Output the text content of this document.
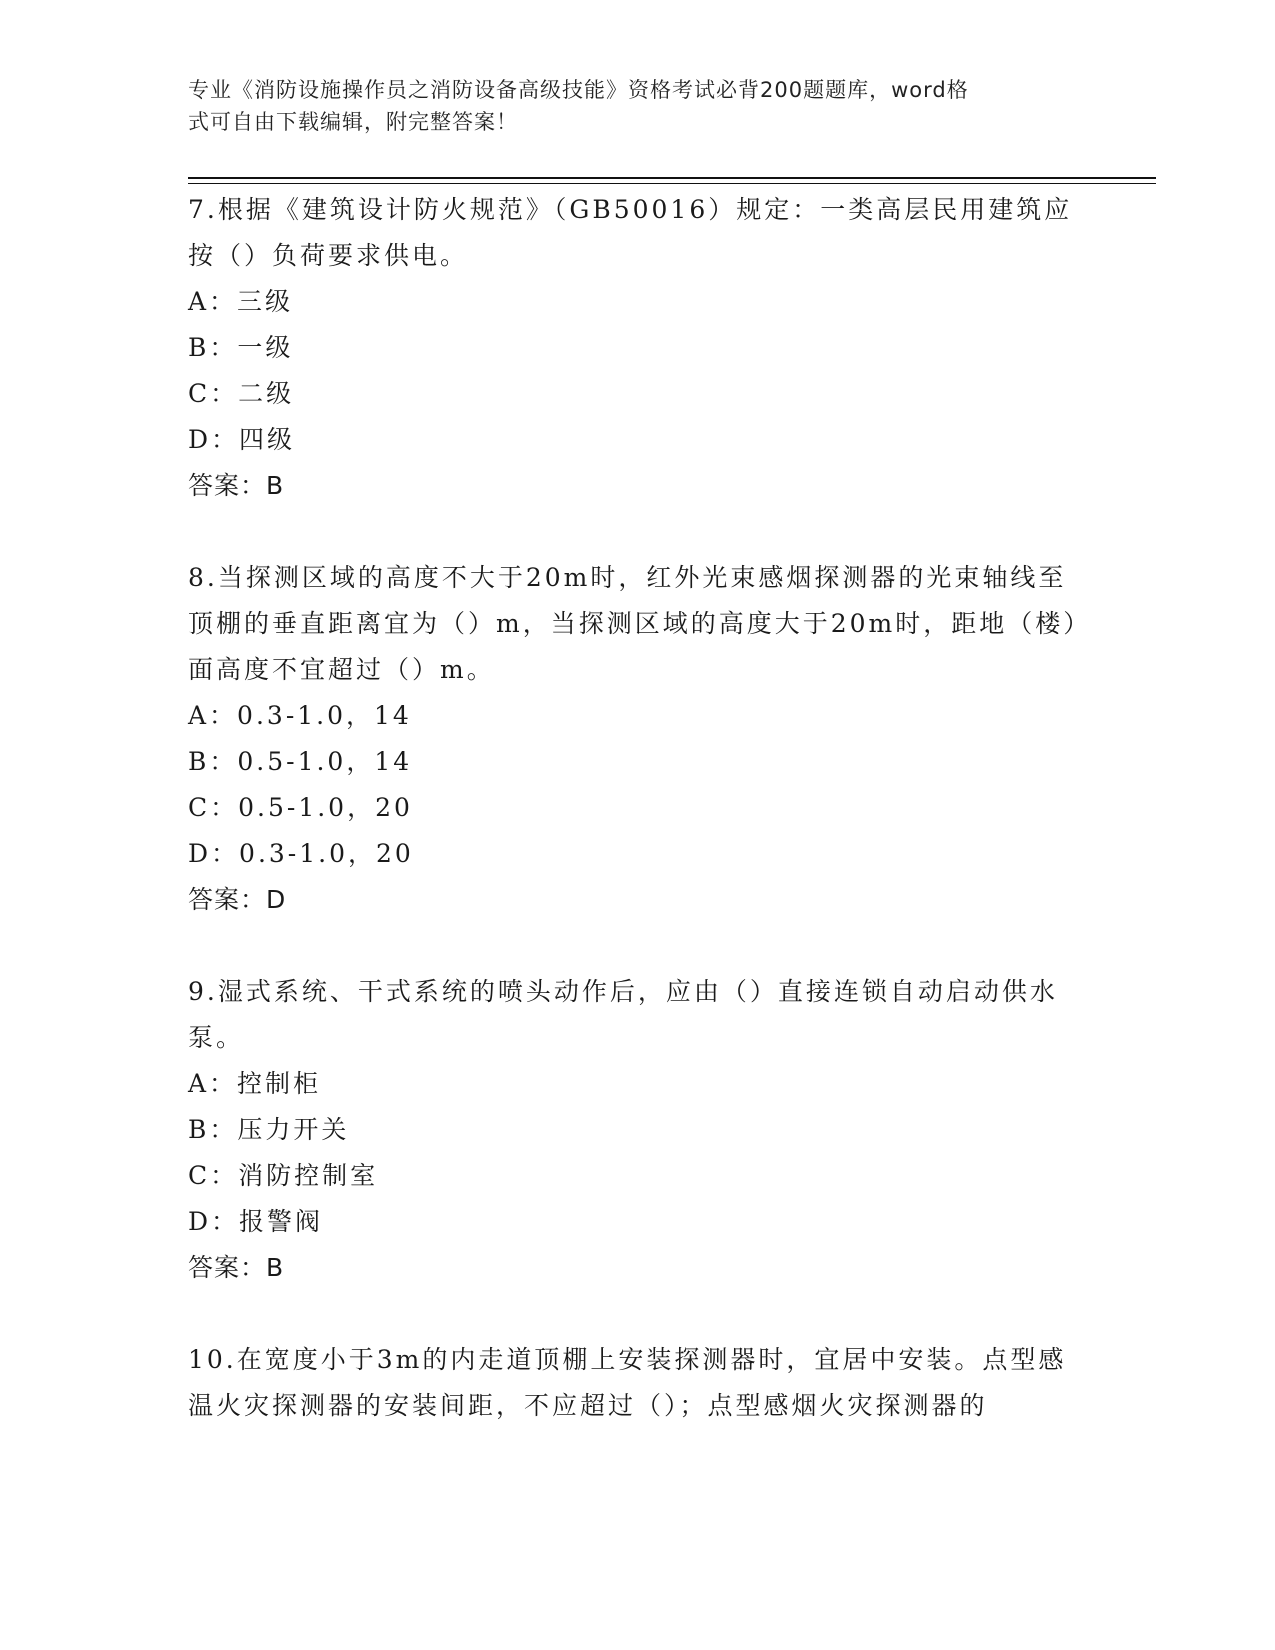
专业《消防设施操作员之消防设备高级技能》资格考试必背200题题库，word格
式可自由下载编辑，附完整答案！
7.根据《建筑设计防火规范》（GB50016）规定：一类高层民用建筑应按（）负荷要求供电。
A：三级
B：一级
C：二级
D：四级
答案：B
8.当探测区域的高度不大于20m时，红外光束感烟探测器的光束轴线至顶棚的垂直距离宜为（）m，当探测区域的高度大于20m时，距地（楼）面高度不宜超过（）m。
A：0.3-1.0，14
B：0.5-1.0，14
C：0.5-1.0，20
D：0.3-1.0，20
答案：D
9.湿式系统、干式系统的喷头动作后，应由（）直接连锁自动启动供水泵。
A：控制柜
B：压力开关
C：消防控制室
D：报警阀
答案：B
10.在宽度小于3m的内走道顶棚上安装探测器时，宜居中安装。点型感温火灾探测器的安装间距，不应超过（）；点型感烟火灾探测器的
